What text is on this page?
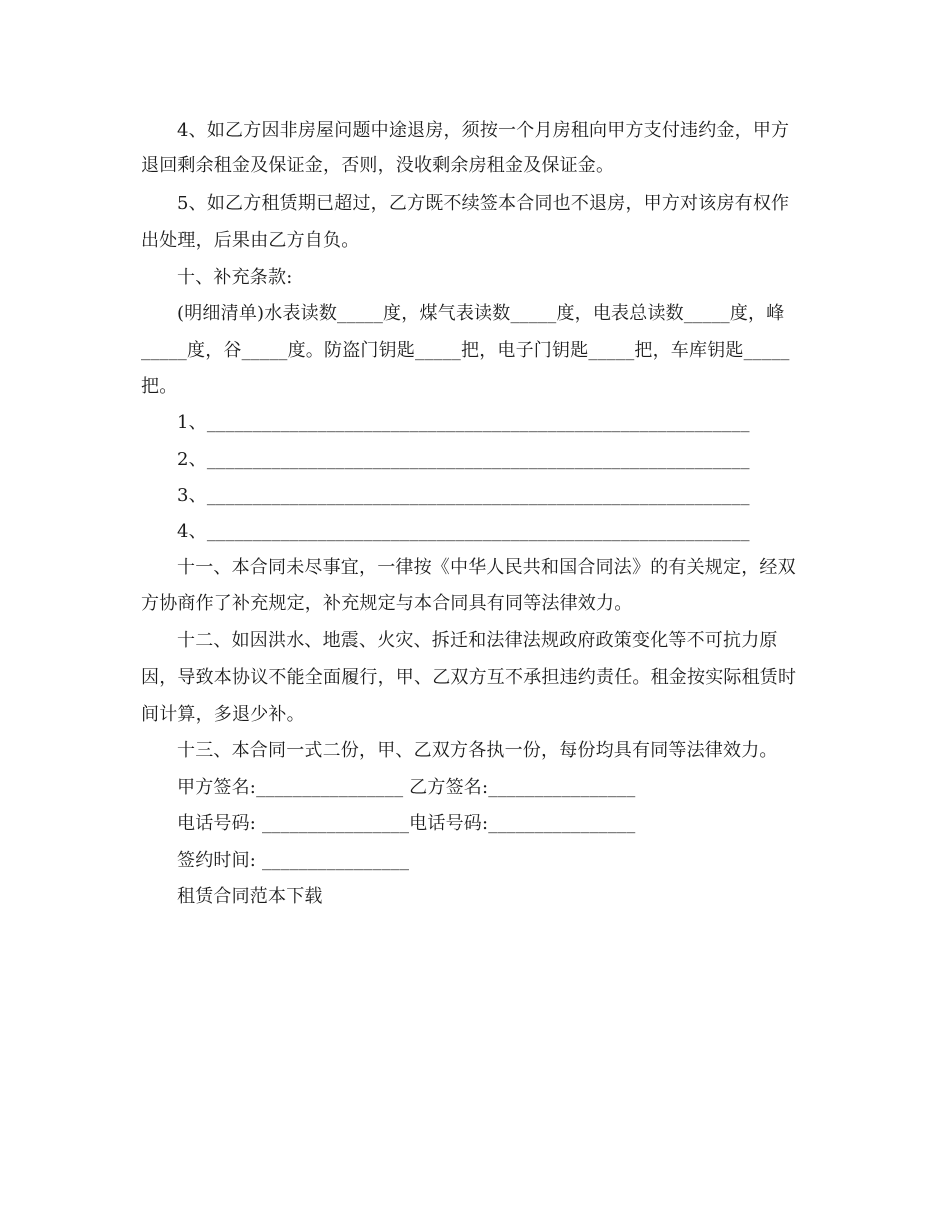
4、如乙方因非房屋问题中途退房，须按一个月房租向甲方支付违约金，甲方
退回剩余租金及保证金，否则，没收剩余房租金及保证金。
5、如乙方租赁期已超过，乙方既不续签本合同也不退房，甲方对该房有权作
出处理，后果由乙方自负。
十、补充条款:
(明细清单)水表读数_____度，煤气表读数_____度，电表总读数_____度，峰
_____度，谷_____度。防盗门钥匙_____把，电子门钥匙_____把，车库钥匙_____
把。
1、___________________________________________________________
2、___________________________________________________________
3、___________________________________________________________
4、___________________________________________________________
十一、本合同未尽事宜，一律按《中华人民共和国合同法》的有关规定，经双
方协商作了补充规定，补充规定与本合同具有同等法律效力。
十二、如因洪水、地震、火灾、拆迁和法律法规政府政策变化等不可抗力原
因，导致本协议不能全面履行，甲、乙双方互不承担违约责任。租金按实际租赁时
间计算，多退少补。
十三、本合同一式二份，甲、乙双方各执一份，每份均具有同等法律效力。
甲方签名:________________ 乙方签名:________________
电话号码: ________________电话号码:________________
签约时间: ________________
租赁合同范本下载
